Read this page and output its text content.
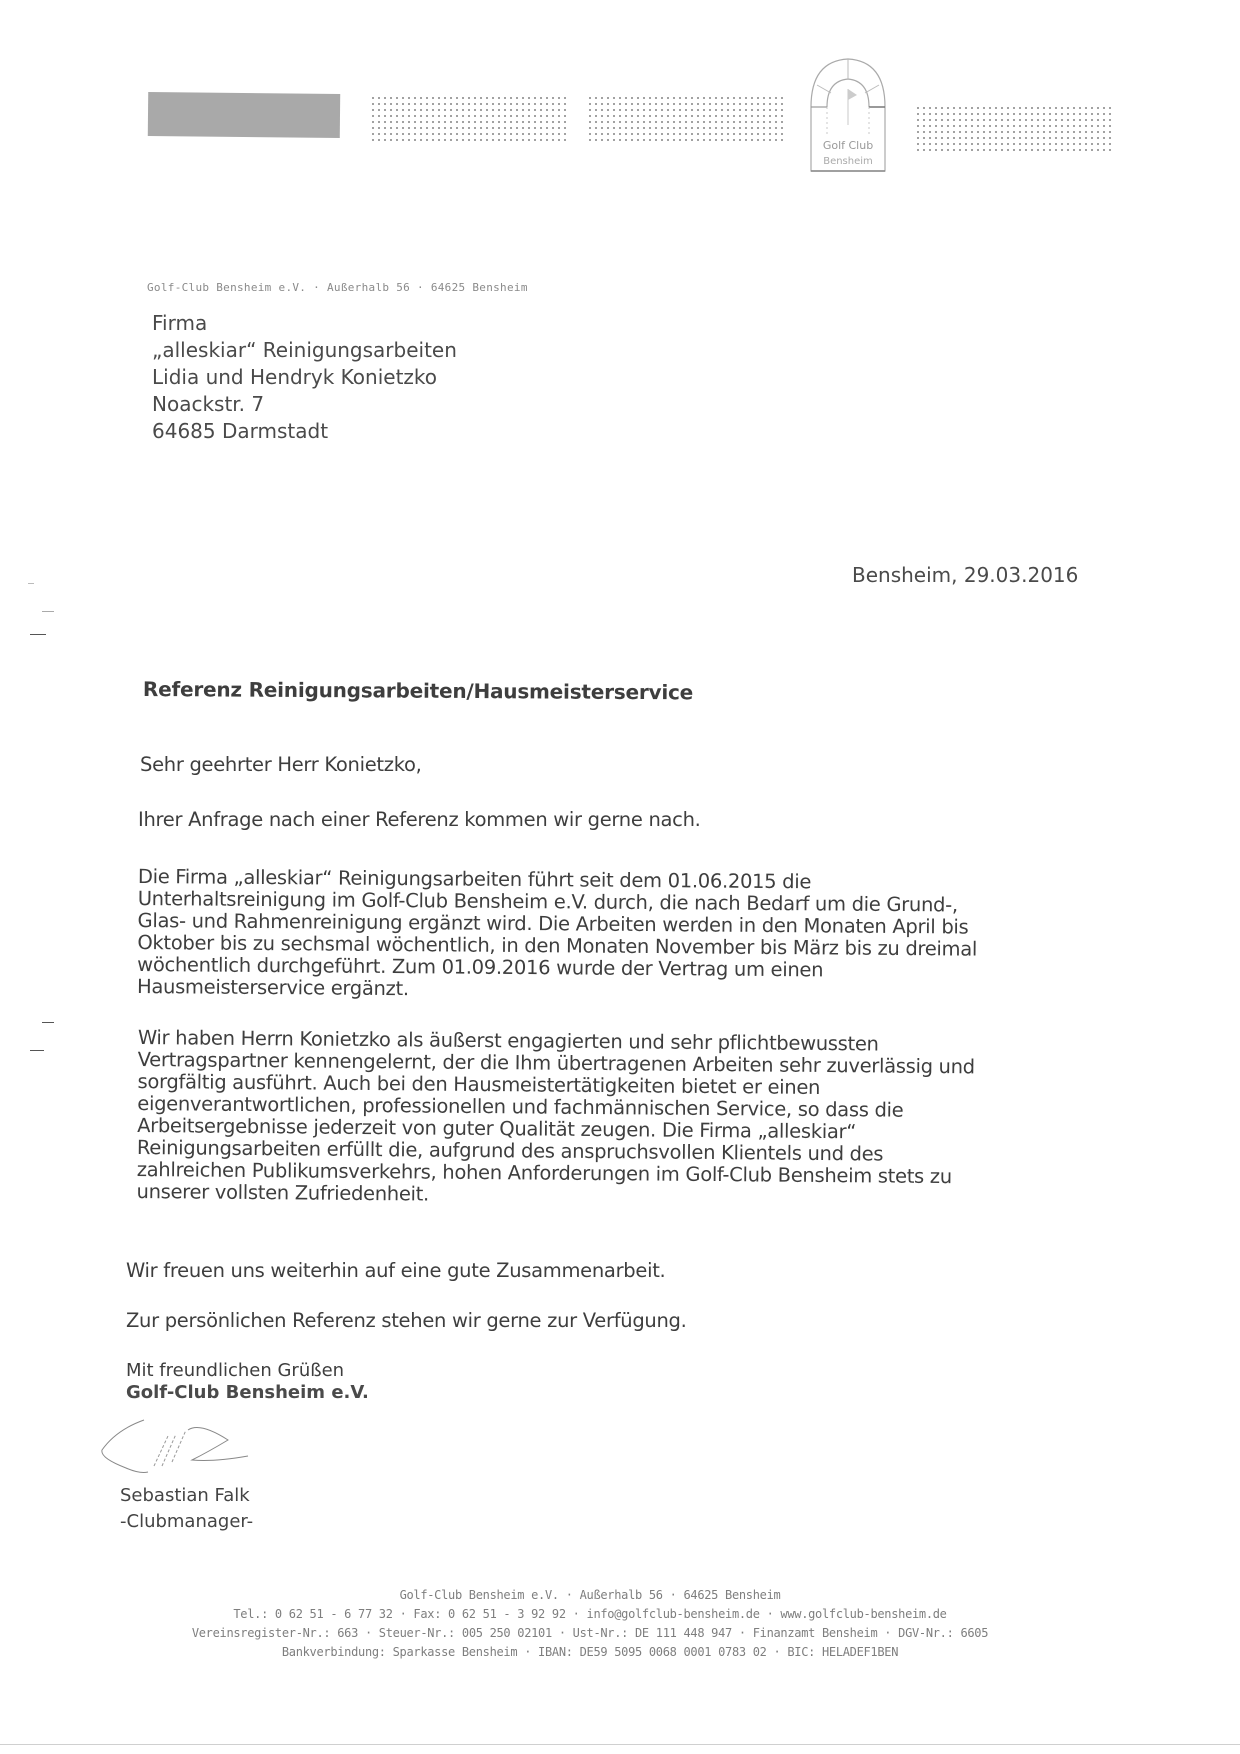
Golf Club
Bensheim
Golf-Club Bensheim e.V. · Außerhalb 56 · 64625 Bensheim
Firma
„alleskiar“ Reinigungsarbeiten
Lidia und Hendryk Konietzko
Noackstr. 7
64685 Darmstadt
Bensheim, 29.03.2016
Referenz Reinigungsarbeiten/Hausmeisterservice
Sehr geehrter Herr Konietzko,
Ihrer Anfrage nach einer Referenz kommen wir gerne nach.
Die Firma „alleskiar“ Reinigungsarbeiten führt seit dem 01.06.2015 die
Unterhaltsreinigung im Golf-Club Bensheim e.V. durch, die nach Bedarf um die Grund-,
Glas- und Rahmenreinigung ergänzt wird. Die Arbeiten werden in den Monaten April bis
Oktober bis zu sechsmal wöchentlich, in den Monaten November bis März bis zu dreimal
wöchentlich durchgeführt. Zum 01.09.2016 wurde der Vertrag um einen
Hausmeisterservice ergänzt.
Wir haben Herrn Konietzko als äußerst engagierten und sehr pflichtbewussten
Vertragspartner kennengelernt, der die Ihm übertragenen Arbeiten sehr zuverlässig und
sorgfältig ausführt. Auch bei den Hausmeistertätigkeiten bietet er einen
eigenverantwortlichen, professionellen und fachmännischen Service, so dass die
Arbeitsergebnisse jederzeit von guter Qualität zeugen. Die Firma „alleskiar“
Reinigungsarbeiten erfüllt die, aufgrund des anspruchsvollen Klientels und des
zahlreichen Publikumsverkehrs, hohen Anforderungen im Golf-Club Bensheim stets zu
unserer vollsten Zufriedenheit.
Wir freuen uns weiterhin auf eine gute Zusammenarbeit.
Zur persönlichen Referenz stehen wir gerne zur Verfügung.
Mit freundlichen Grüßen
Golf-Club Bensheim e.V.
Sebastian Falk
-Clubmanager-
Golf-Club Bensheim e.V. · Außerhalb 56 · 64625 Bensheim
Tel.: 0 62 51 - 6 77 32 · Fax: 0 62 51 - 3 92 92 · info@golfclub-bensheim.de · www.golfclub-bensheim.de
Vereinsregister-Nr.: 663 · Steuer-Nr.: 005 250 02101 · Ust-Nr.: DE 111 448 947 · Finanzamt Bensheim · DGV-Nr.: 6605
Bankverbindung: Sparkasse Bensheim · IBAN: DE59 5095 0068 0001 0783 02 · BIC: HELADEF1BEN
